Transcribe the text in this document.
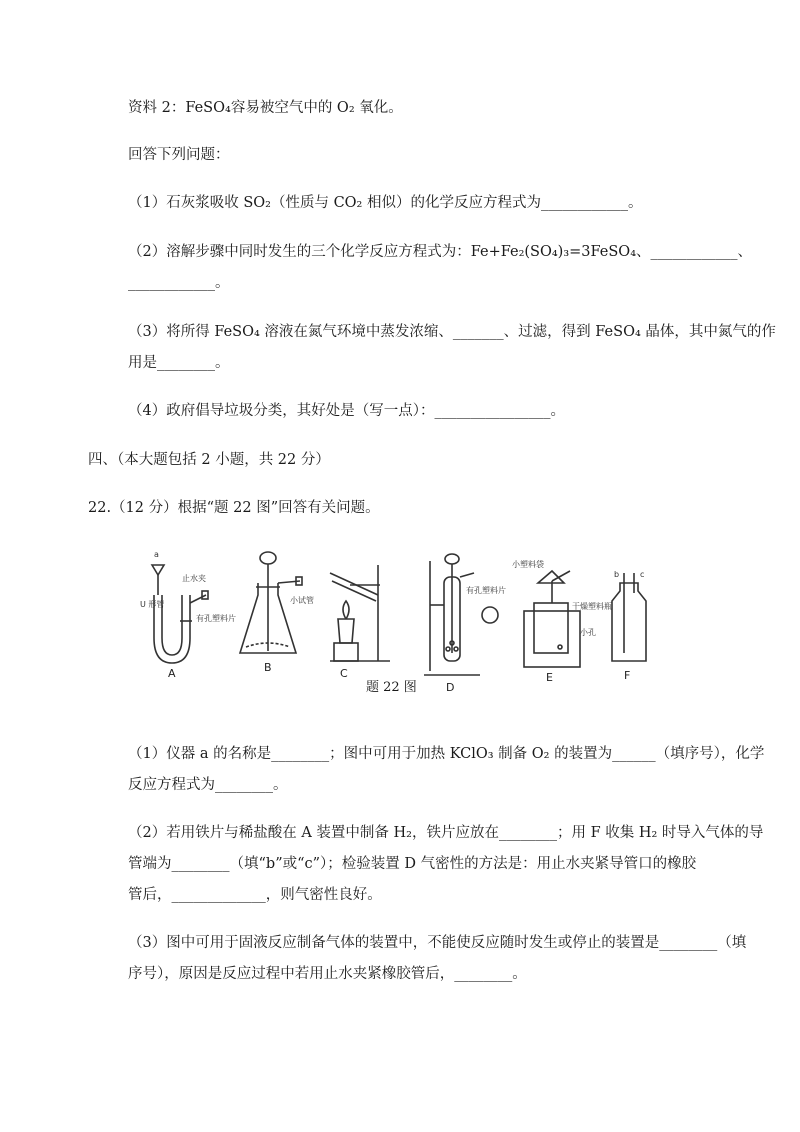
资料 2：FeSO₄容易被空气中的 O₂ 氧化。
回答下列问题：
（1）石灰浆吸收 SO₂（性质与 CO₂ 相似）的化学反应方程式为____________。
（2）溶解步骤中同时发生的三个化学反应方程式为：Fe+Fe₂(SO₄)₃=3FeSO₄、____________、
____________。
（3）将所得 FeSO₄ 溶液在氮气环境中蒸发浓缩、_______、过滤，得到 FeSO₄ 晶体，其中氮气的作
用是________。
（4）政府倡导垃圾分类，其好处是（写一点）：________________。
四、（本大题包括 2 小题，共 22 分）
22.（12 分）根据“题 22 图”回答有关问题。
a
U 形管
止水夹
有孔塑料片
小试管
有孔塑料片
小塑料袋
干燥塑料瓶
小孔
b	c
A	B	C
D
E	F
题 22 图
（1）仪器 a 的名称是________；图中可用于加热 KClO₃ 制备 O₂ 的装置为______（填序号），化学
反应方程式为________。
（2）若用铁片与稀盐酸在 A 装置中制备 H₂，铁片应放在________；用 F 收集 H₂ 时导入气体的导
管端为________（填“b”或“c”）；检验装置 D 气密性的方法是：用止水夹紧导管口的橡胶
管后，_____________，则气密性良好。
（3）图中可用于固液反应制备气体的装置中，不能使反应随时发生或停止的装置是________（填
序号），原因是反应过程中若用止水夹紧橡胶管后，________。
